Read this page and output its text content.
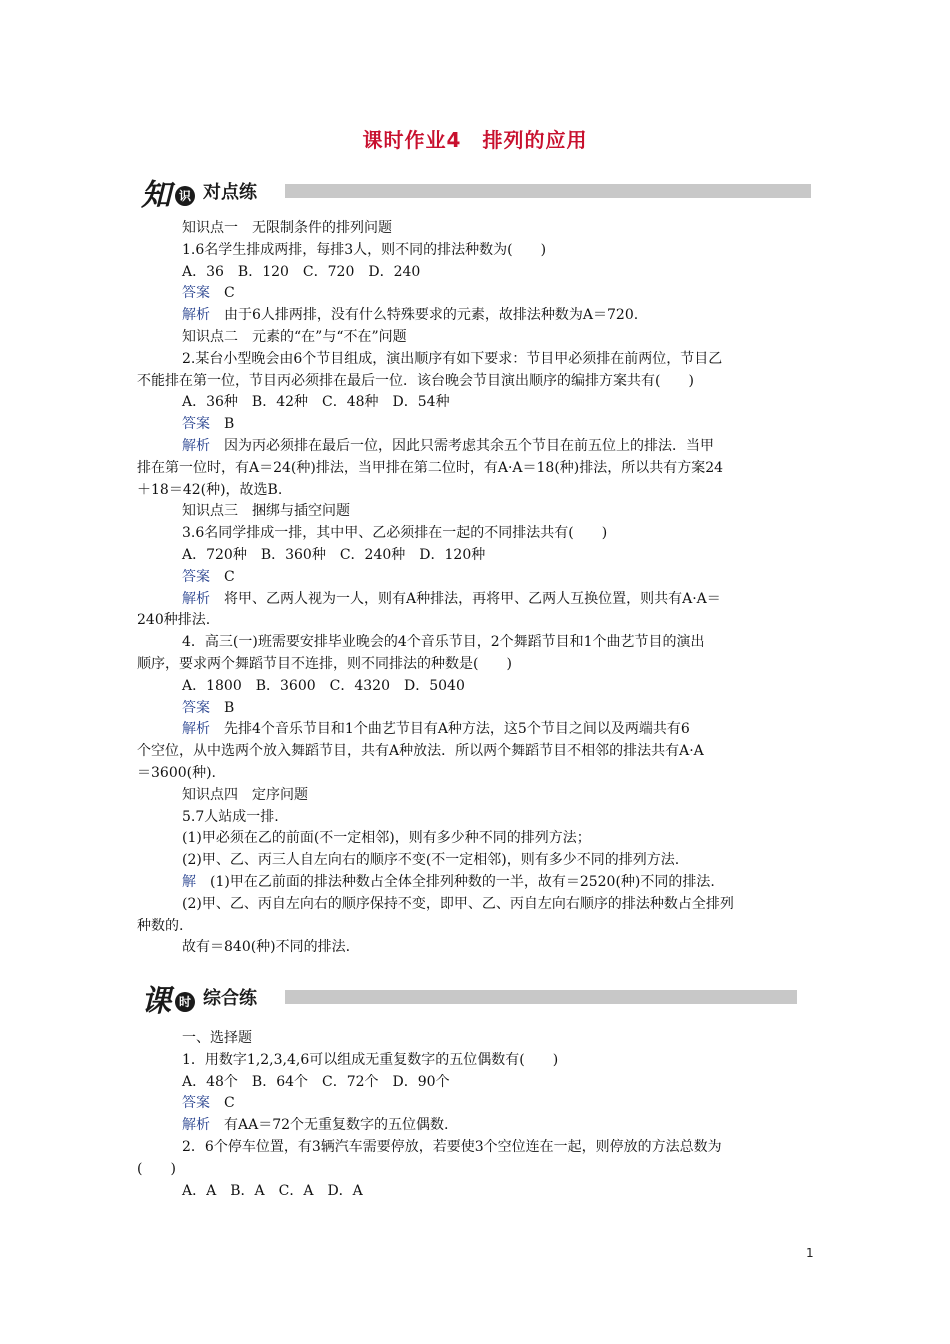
课时作业4　排列的应用
知 识 对点练
知识点一　无限制条件的排列问题
1.6名学生排成两排，每排3人，则不同的排法种数为(　　)
A．36　B．120　C．720　D．240
答案　C
解析　由于6人排两排，没有什么特殊要求的元素，故排法种数为A＝720.
知识点二　元素的“在”与“不在”问题
2.某台小型晚会由6个节目组成，演出顺序有如下要求：节目甲必须排在前两位，节目乙
不能排在第一位，节目丙必须排在最后一位．该台晚会节目演出顺序的编排方案共有(　　)
A．36种　B．42种　C．48种　D．54种
答案　B
解析　因为丙必须排在最后一位，因此只需考虑其余五个节目在前五位上的排法．当甲
排在第一位时，有A＝24(种)排法，当甲排在第二位时，有A·A＝18(种)排法，所以共有方案24
＋18＝42(种)，故选B.
知识点三　捆绑与插空问题
3.6名同学排成一排，其中甲、乙必须排在一起的不同排法共有(　　)
A．720种　B．360种　C．240种　D．120种
答案　C
解析　将甲、乙两人视为一人，则有A种排法，再将甲、乙两人互换位置，则共有A·A＝
240种排法.
4．高三(一)班需要安排毕业晚会的4个音乐节目，2个舞蹈节目和1个曲艺节目的演出
顺序，要求两个舞蹈节目不连排，则不同排法的种数是(　　)
A．1800　B．3600　C．4320　D．5040
答案　B
解析　先排4个音乐节目和1个曲艺节目有A种方法，这5个节目之间以及两端共有6
个空位，从中选两个放入舞蹈节目，共有A种放法．所以两个舞蹈节目不相邻的排法共有A·A
＝3600(种).
知识点四　定序问题
5.7人站成一排.
(1)甲必须在乙的前面(不一定相邻)，则有多少种不同的排列方法；
(2)甲、乙、丙三人自左向右的顺序不变(不一定相邻)，则有多少不同的排列方法.
解　(1)甲在乙前面的排法种数占全体全排列种数的一半，故有＝2520(种)不同的排法.
(2)甲、乙、丙自左向右的顺序保持不变，即甲、乙、丙自左向右顺序的排法种数占全排列
种数的.
故有＝840(种)不同的排法.
课 时 综合练
一、选择题
1．用数字1,2,3,4,6可以组成无重复数字的五位偶数有(　　)
A．48个　B．64个　C．72个　D．90个
答案　C
解析　有AA＝72个无重复数字的五位偶数.
2．6个停车位置，有3辆汽车需要停放，若要使3个空位连在一起，则停放的方法总数为
(　　)
A．A　B．A　C．A　D．A
1
